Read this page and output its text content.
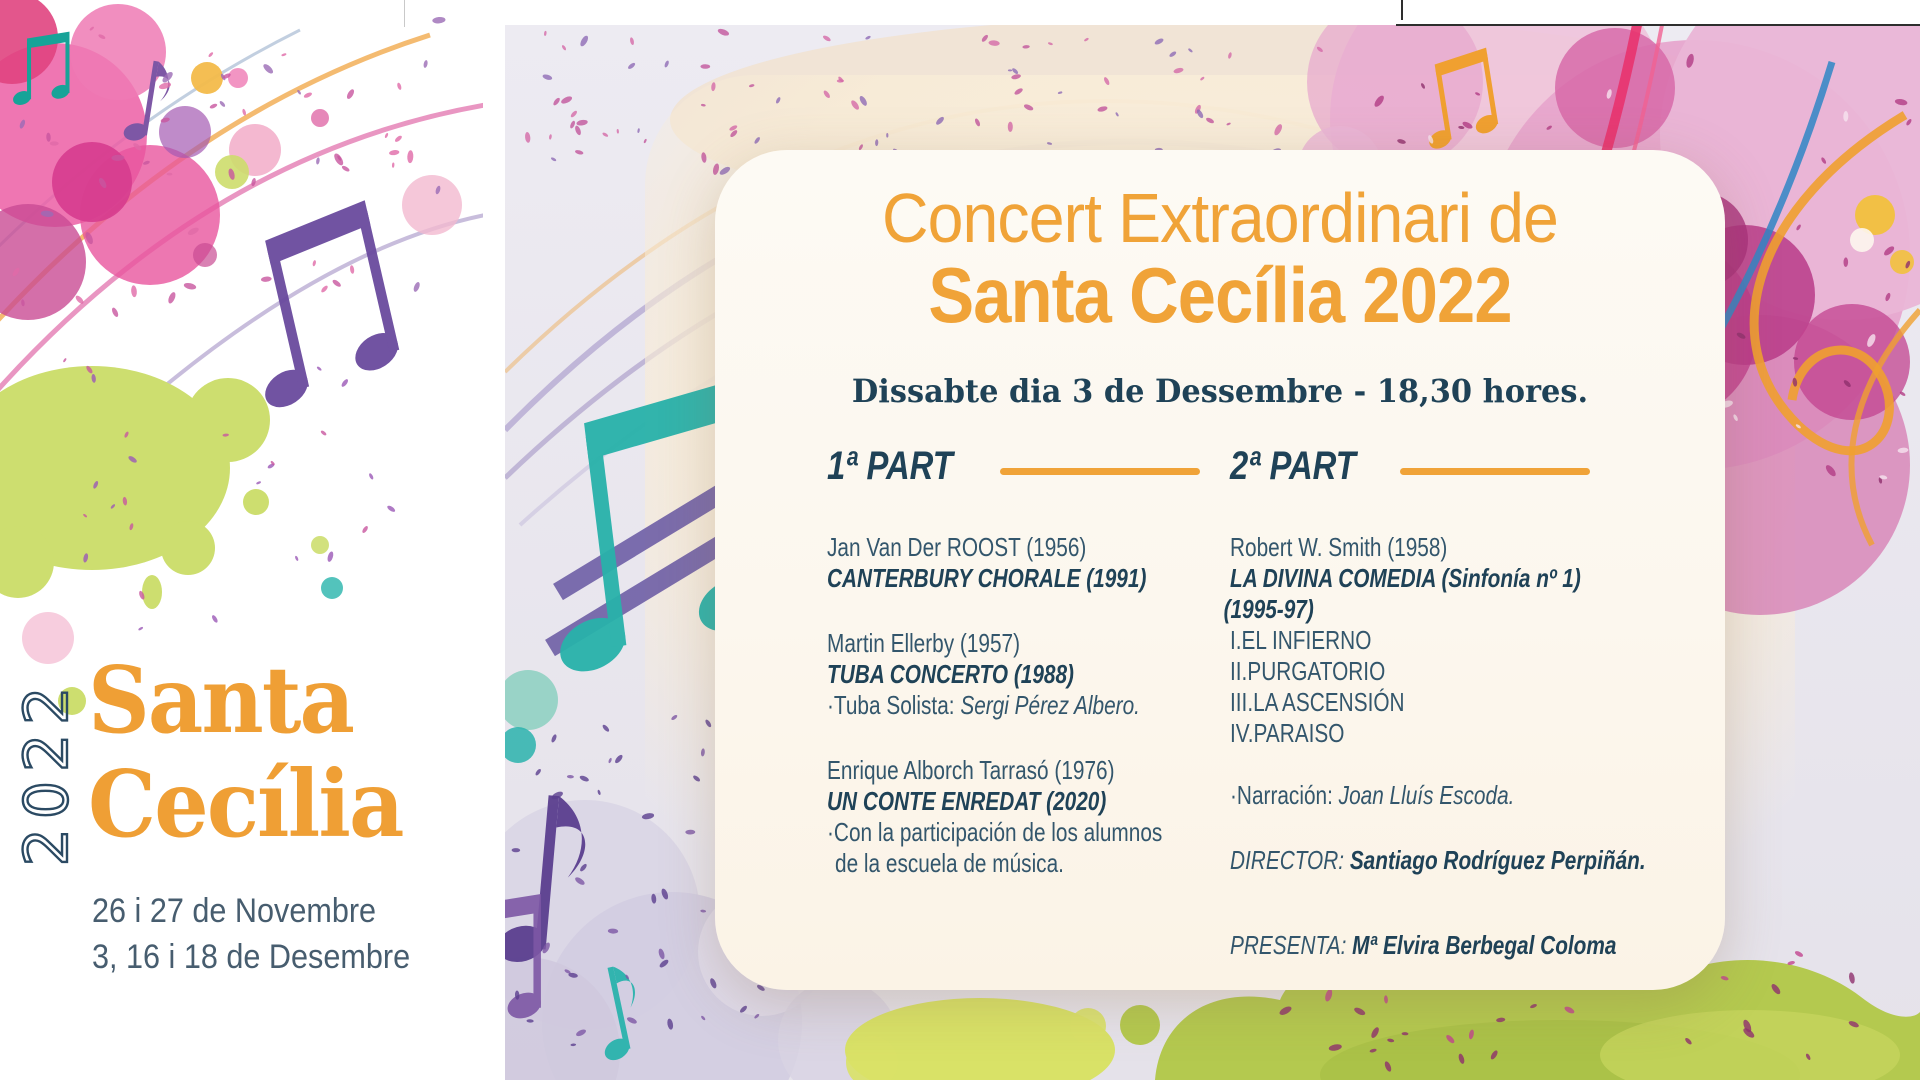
2022 Santa
Cecília
26 i 27 de Novembre
3, 16 i 18 de Desembre
Concert Extraordinari de
Santa Cecília 2022
Dissabte dia 3 de Dessembre - 18,30 hores.
1ª PART	2ª PART
Jan Van Der ROOST (1956)
CANTERBURY CHORALE (1991)
Martin Ellerby (1957)
TUBA CONCERTO (1988)
·Tuba Solista: Sergi Pérez Albero.
Enrique Alborch Tarrasó (1976)
UN CONTE ENREDAT (2020)
·Con la participación de los alumnos
de la escuela de música.
Robert W. Smith (1958)
LA DIVINA COMEDIA (Sinfonía nº 1)
(1995-97)
I.EL INFIERNO
II.PURGATORIO
III.LA ASCENSIÓN
IV.PARAISO
·Narración: Joan Lluís Escoda.
DIRECTOR: Santiago Rodríguez Perpiñán.
PRESENTA: Mª Elvira Berbegal Coloma
